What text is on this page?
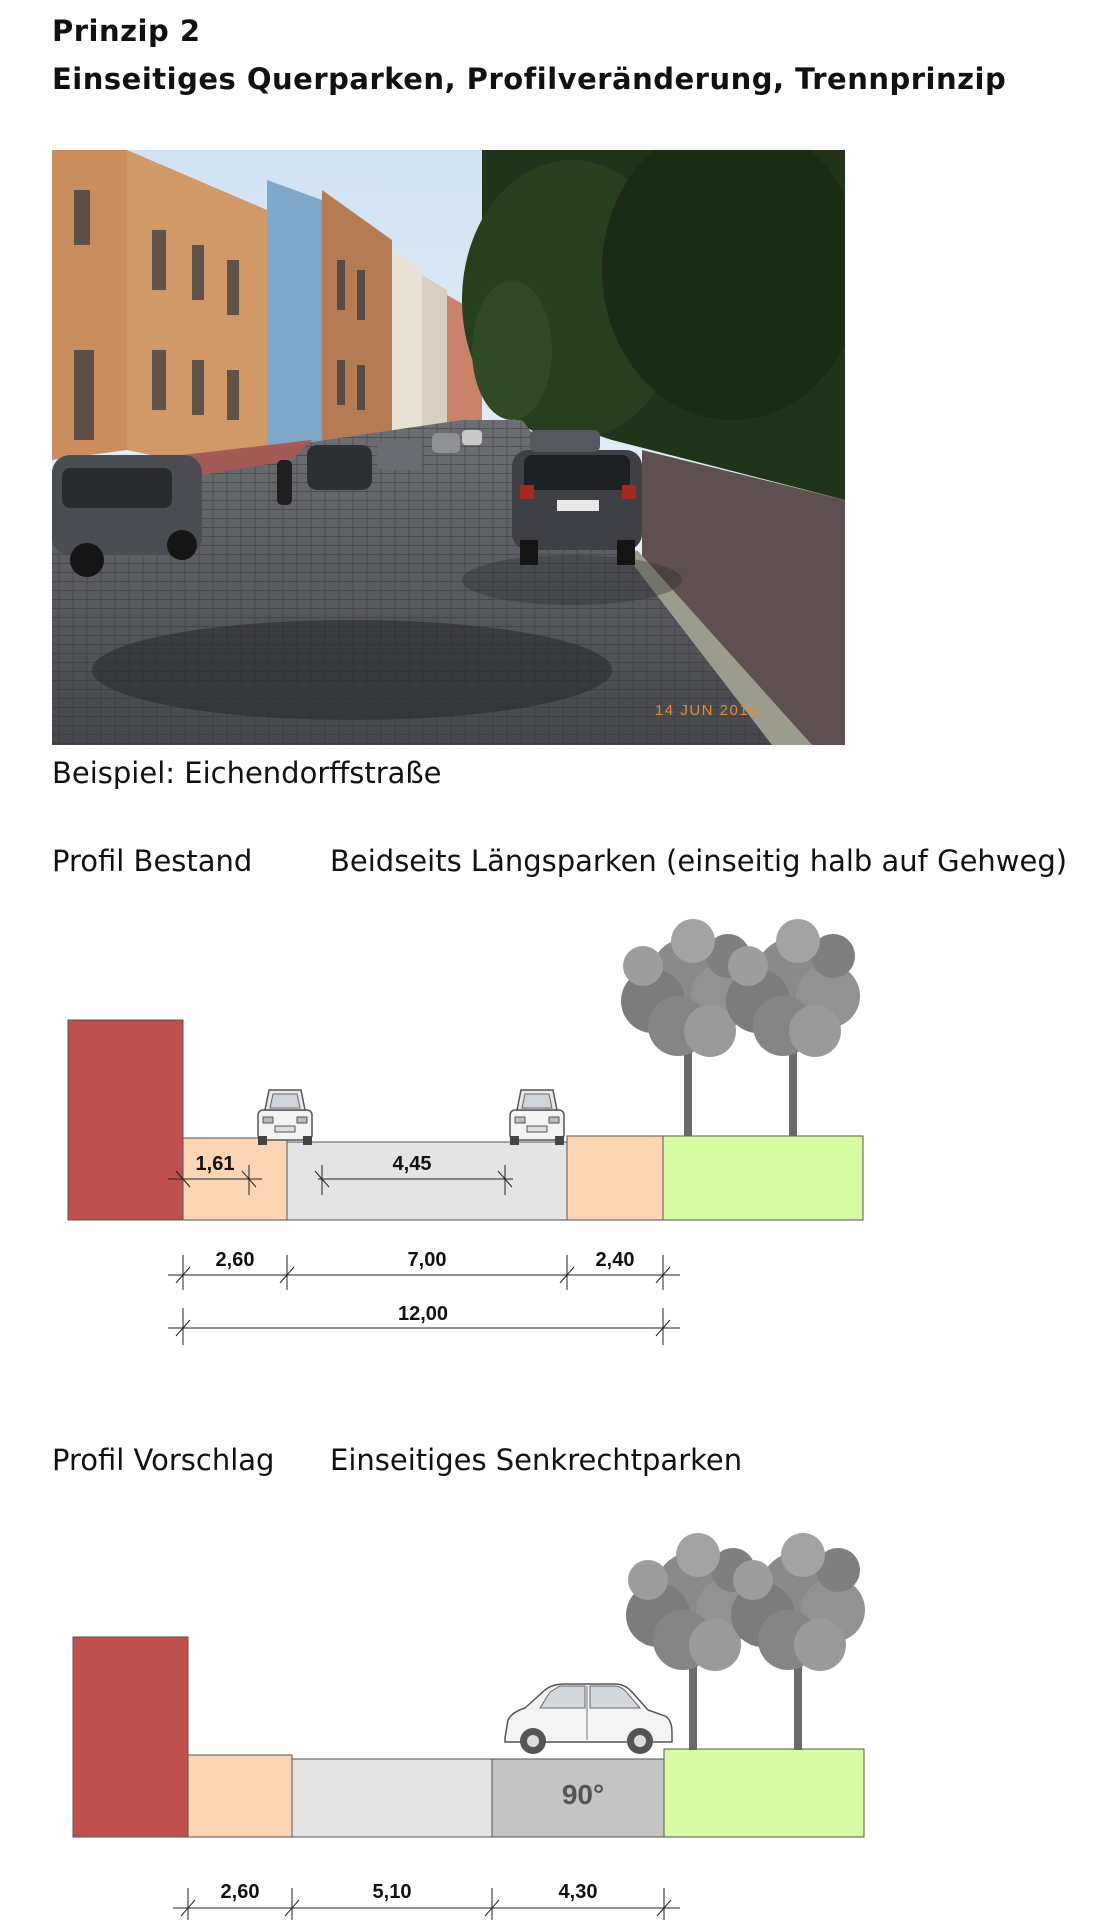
Prinzip 2
Einseitiges Querparken, Profilveränderung, Trennprinzip
14 JUN 2010
Beispiel: Eichendorffstraße
Profil Bestand	Beidseits Längsparken (einseitig halb auf Gehweg)
1,61	4,45
2,60	7,00	2,40
12,00
Profil Vorschlag Einseitiges Senkrechtparken
90°
2,60	5,10	4,30
